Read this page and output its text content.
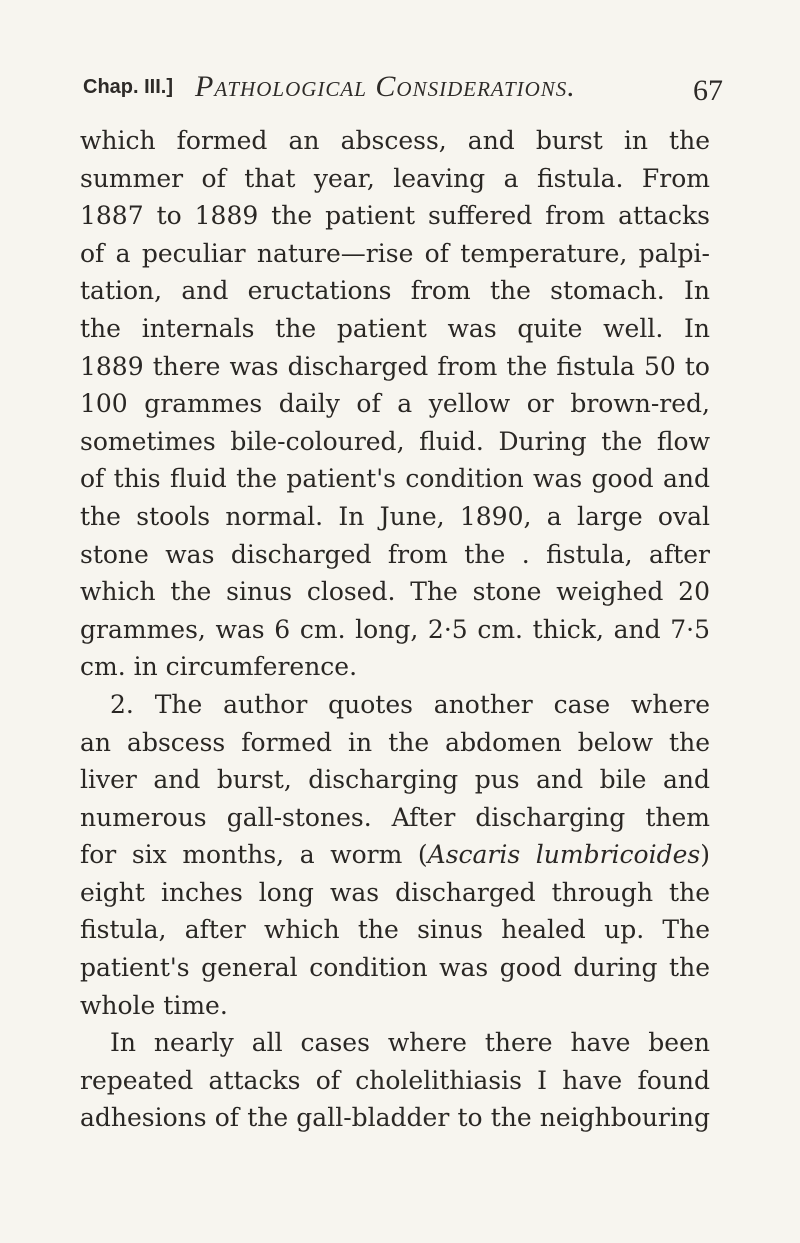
Chap. III.] Pathological Considerations.	67
which formed an abscess, and burst in the
summer of that year, leaving a fistula. From
1887 to 1889 the patient suffered from attacks
of a peculiar nature—rise of temperature, palpi-
tation, and eructations from the stomach. In
the internals the patient was quite well. In
1889 there was discharged from the fistula 50 to
100 grammes daily of a yellow or brown-red,
sometimes bile-coloured, fluid. During the flow
of this fluid the patient's condition was good and
the stools normal. In June, 1890, a large oval
stone was discharged from the . fistula, after
which the sinus closed. The stone weighed 20
grammes, was 6 cm. long, 2·5 cm. thick, and 7·5
cm. in circumference.
2. The author quotes another case where
an abscess formed in the abdomen below the
liver and burst, discharging pus and bile and
numerous gall-stones. After discharging them
for six months, a worm (Ascaris lumbricoides)
eight inches long was discharged through the
fistula, after which the sinus healed up. The
patient's general condition was good during the
whole time.
In nearly all cases where there have been
repeated attacks of cholelithiasis I have found
adhesions of the gall-bladder to the neighbouring
